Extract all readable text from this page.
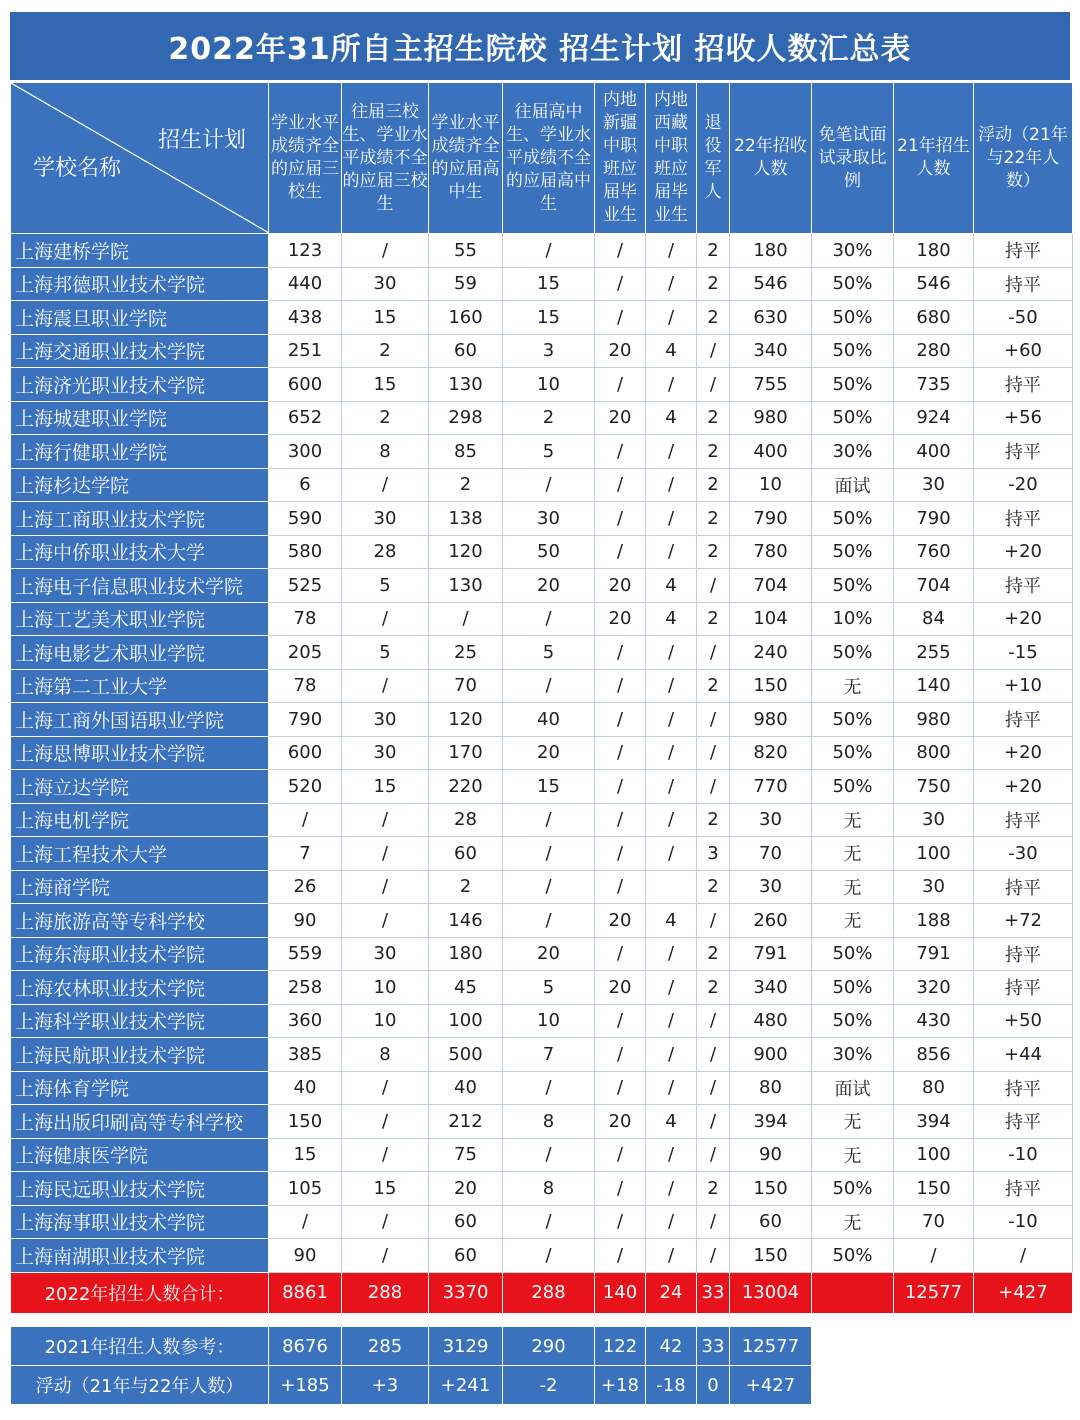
2022年31所自主招生院校 招生计划 招收人数汇总表
招生计划
学校名称	学业水平成绩齐全的应届三校生	往届三校生、学业水平成绩不全的应届三校生	学业水平成绩齐全的应届高中生	往届高中生、学业水平成绩不全的应届高中生	内地新疆中职班应届毕业生	内地西藏中职班应届毕业生	退役军人	22年招收人数	免笔试面试录取比例	21年招生人数	浮动（21年与22年人数）
上海建桥学院	123	/	55	/	/	/	2	180	30%	180	持平
上海邦德职业技术学院	440	30	59	15	/	/	2	546	50%	546	持平
上海震旦职业学院	438	15	160	15	/	/	2	630	50%	680	-50
上海交通职业技术学院	251	2	60	3	20	4	/	340	50%	280	+60
上海济光职业技术学院	600	15	130	10	/	/	/	755	50%	735	持平
上海城建职业学院	652	2	298	2	20	4	2	980	50%	924	+56
上海行健职业学院	300	8	85	5	/	/	2	400	30%	400	持平
上海杉达学院	6	/	2	/	/	/	2	10	面试	30	-20
上海工商职业技术学院	590	30	138	30	/	/	2	790	50%	790	持平
上海中侨职业技术大学	580	28	120	50	/	/	2	780	50%	760	+20
上海电子信息职业技术学院	525	5	130	20	20	4	/	704	50%	704	持平
上海工艺美术职业学院	78	/	/	/	20	4	2	104	10%	84	+20
上海电影艺术职业学院	205	5	25	5	/	/	/	240	50%	255	-15
上海第二工业大学	78	/	70	/	/	/	2	150	无	140	+10
上海工商外国语职业学院	790	30	120	40	/	/	/	980	50%	980	持平
上海思博职业技术学院	600	30	170	20	/	/	/	820	50%	800	+20
上海立达学院	520	15	220	15	/	/	/	770	50%	750	+20
上海电机学院	/	/	28	/	/	/	2	30	无	30	持平
上海工程技术大学	7	/	60	/	/	/	3	70	无	100	-30
上海商学院	26	/	2	/	/		2	30	无	30	持平
上海旅游高等专科学校	90	/	146	/	20	4	/	260	无	188	+72
上海东海职业技术学院	559	30	180	20	/	/	2	791	50%	791	持平
上海农林职业技术学院	258	10	45	5	20	/	2	340	50%	320	持平
上海科学职业技术学院	360	10	100	10	/	/	/	480	50%	430	+50
上海民航职业技术学院	385	8	500	7	/	/	/	900	30%	856	+44
上海体育学院	40	/	40	/	/	/	/	80	面试	80	持平
上海出版印刷高等专科学校	150	/	212	8	20	4	/	394	无	394	持平
上海健康医学院	15	/	75	/	/	/	/	90	无	100	-10
上海民远职业技术学院	105	15	20	8	/	/	2	150	50%	150	持平
上海海事职业技术学院	/	/	60	/	/	/	/	60	无	70	-10
上海南湖职业技术学院	90	/	60	/	/	/	/	150	50%	/	/
2022年招生人数合计：	8861	288	3370	288	140	24	33	13004		12577	+427
2021年招生人数参考：	8676	285	3129	290	122	42	33	12577
浮动（21年与22年人数）	+185	+3	+241	-2	+18	-18	0	+427
